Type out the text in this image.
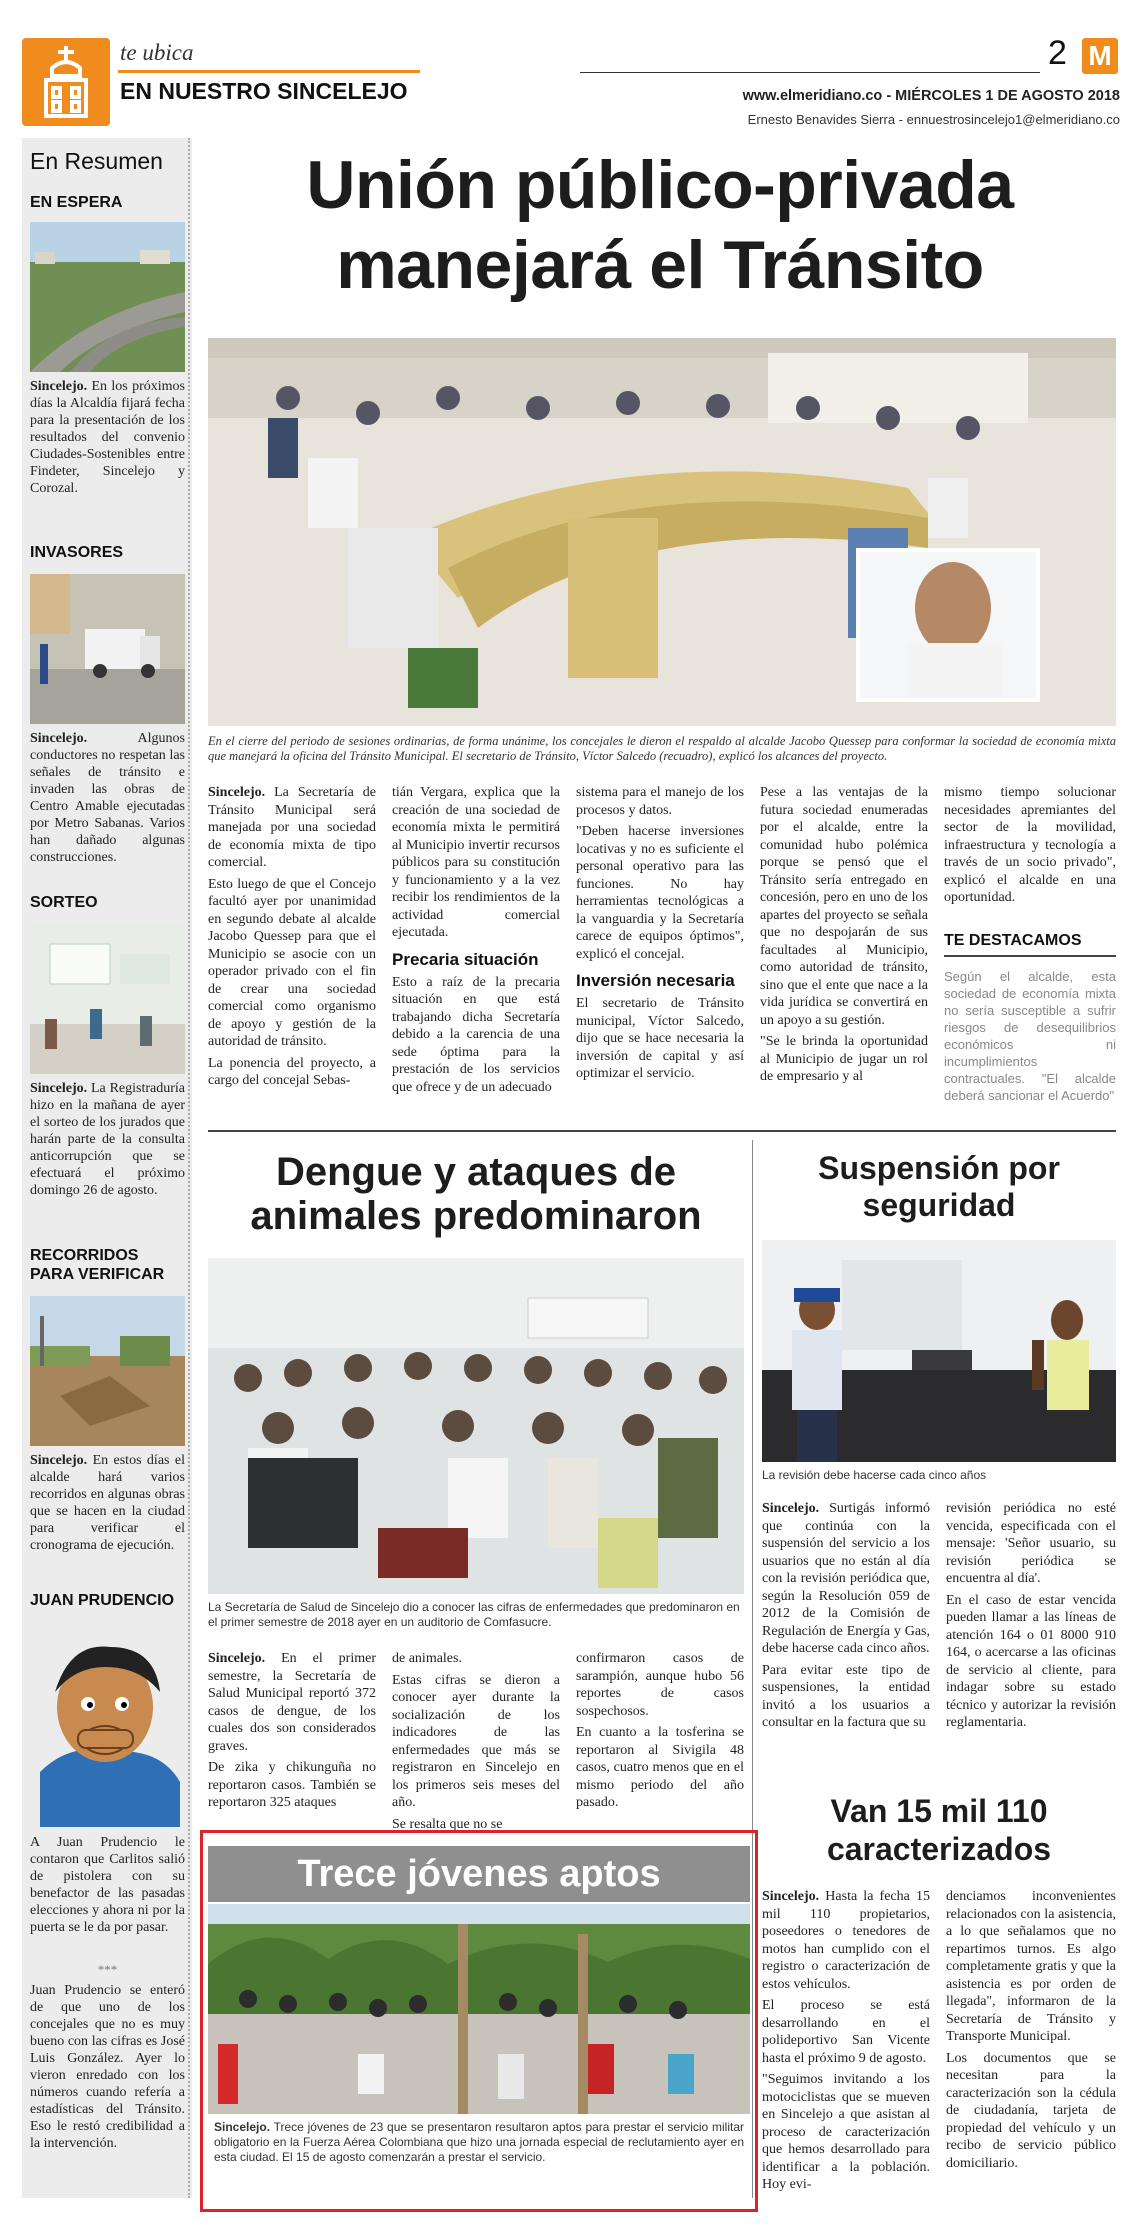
te ubica
EN NUESTRO SINCELEJO
2 M
www.elmeridiano.co - MIÉRCOLES 1 DE AGOSTO 2018
Ernesto Benavides Sierra - ennuestrosincelejo1@elmeridiano.co
En Resumen
EN ESPERA

Sincelejo. En los próximos días la Alcaldía fijará fecha para la presentación de los resultados del convenio Ciudades-Sostenibles entre Findeter, Sincelejo y Corozal.

INVASORES

Sincelejo. Algunos conductores no respetan las señales de tránsito e invaden las obras de Centro Amable ejecutadas por Metro Sabanas. Varios han dañado algunas construcciones.

SORTEO

Sincelejo. La Registraduría hizo en la mañana de ayer el sorteo de los jurados que harán parte de la consulta anticorrupción que se efectuará el próximo domingo 26 de agosto.

RECORRIDOS PARA VERIFICAR

Sincelejo. En estos días el alcalde hará varios recorridos en algunas obras que se hacen en la ciudad para verificar el cronograma de ejecución.

JUAN PRUDENCIO

A Juan Prudencio le contaron que Carlitos salió de pistolera con su benefactor de las pasadas elecciones y ahora ni por la puerta se le da por pasar.

***

Juan Prudencio se enteró de que uno de los concejales que no es muy bueno con las cifras es José Luis González. Ayer lo vieron enredado con los números cuando refería a estadísticas del Tránsito. Eso le restó credibilidad a la intervención.

Unión público-privada
manejará el Tránsito
En el cierre del periodo de sesiones ordinarias, de forma unánime, los concejales le dieron el respaldo al alcalde Jacobo Quessep para conformar la sociedad de economía mixta que manejará la oficina del Tránsito Municipal. El secretario de Tránsito, Víctor Salcedo (recuadro), explicó los alcances del proyecto.

Sincelejo. La Secretaría de Tránsito Municipal será manejada por una sociedad de economía mixta de tipo comercial.

Esto luego de que el Concejo facultó ayer por unanimidad en segundo debate al alcalde Jacobo Quessep para que el Municipio se asocie con un operador privado con el fin de crear una sociedad comercial como organismo de apoyo y gestión de la autoridad de tránsito.

La ponencia del proyecto, a cargo del concejal Sebas-

tián Vergara, explica que la creación de una sociedad de economía mixta le permitirá al Municipio invertir recursos públicos para su constitución y funcionamiento y a la vez recibir los rendimientos de la actividad comercial ejecutada.

Precaria situación

Esto a raíz de la precaria situación en que está trabajando dicha Secretaría debido a la carencia de una sede óptima para la prestación de los servicios que ofrece y de un adecuado

sistema para el manejo de los procesos y datos.

"Deben hacerse inversiones locativas y no es suficiente el personal operativo para las funciones. No hay herramientas tecnológicas a la vanguardia y la Secretaría carece de equipos óptimos", explicó el concejal.

Inversión necesaria

El secretario de Tránsito municipal, Víctor Salcedo, dijo que se hace necesaria la inversión de capital y así optimizar el servicio.

Pese a las ventajas de la futura sociedad enumeradas por el alcalde, entre la comunidad hubo polémica porque se pensó que el Tránsito sería entregado en concesión, pero en uno de los apartes del proyecto se señala que no despojarán de sus facultades al Municipio, como autoridad de tránsito, sino que el ente que nace a la vida jurídica se convertirá en un apoyo a su gestión.

"Se le brinda la oportunidad al Municipio de jugar un rol de empresario y al

mismo tiempo solucionar necesidades apremiantes del sector de la movilidad, infraestructura y tecnología a través de un socio privado", explicó el alcalde en una oportunidad.

TE DESTACAMOS
Según el alcalde, esta sociedad de economía mixta no sería susceptible a sufrir riesgos de desequilibrios económicos ni incumplimientos contractuales. "El alcalde deberá sancionar el Acuerdo"
Dengue y ataques de
animales predominaron
La Secretaría de Salud de Sincelejo dio a conocer las cifras de enfermedades que predominaron en el primer semestre de 2018 ayer en un auditorio de Comfasucre.

Sincelejo. En el primer semestre, la Secretaría de Salud Municipal reportó 372 casos de dengue, de los cuales dos son considerados graves.

De zika y chikunguña no reportaron casos. También se reportaron 325 ataques

de animales.

Estas cifras se dieron a conocer ayer durante la socialización de los indicadores de las enfermedades que más se registraron en Sincelejo en los primeros seis meses del año.

Se resalta que no se

confirmaron casos de sarampión, aunque hubo 56 reportes de casos sospechosos.

En cuanto a la tosferina se reportaron al Sivigila 48 casos, cuatro menos que en el mismo periodo del año pasado.

Suspensión por
seguridad
La revisión debe hacerse cada cinco años

Sincelejo. Surtigás informó que continúa con la suspensión del servicio a los usuarios que no están al día con la revisión periódica que, según la Resolución 059 de 2012 de la Comisión de Regulación de Energía y Gas, debe hacerse cada cinco años.

Para evitar este tipo de suspensiones, la entidad invitó a los usuarios a consultar en la factura que su

revisión periódica no esté vencida, especificada con el mensaje: 'Señor usuario, su revisión periódica se encuentra al día'.

En el caso de estar vencida pueden llamar a las líneas de atención 164 o 01 8000 910 164, o acercarse a las oficinas de servicio al cliente, para indagar sobre su estado técnico y autorizar la revisión reglamentaria.

Van 15 mil 110
caracterizados

Sincelejo. Hasta la fecha 15 mil 110 propietarios, poseedores o tenedores de motos han cumplido con el registro o caracterización de estos vehículos.

El proceso se está desarrollando en el polideportivo San Vicente hasta el próximo 9 de agosto.

"Seguimos invitando a los motociclistas que se mueven en Sincelejo a que asistan al proceso de caracterización que hemos desarrollado para identificar a la población. Hoy evi-

denciamos inconvenientes relacionados con la asistencia, a lo que señalamos que no repartimos turnos. Es algo completamente gratis y que la asistencia es por orden de llegada", informaron de la Secretaría de Tránsito y Transporte Municipal.

Los documentos que se necesitan para la caracterización son la cédula de ciudadanía, tarjeta de propiedad del vehículo y un recibo de servicio público domiciliario.

Trece jóvenes aptos
Sincelejo. Trece jóvenes de 23 que se presentaron resultaron aptos para prestar el servicio militar obligatorio en la Fuerza Aérea Colombiana que hizo una jornada especial de reclutamiento ayer en esta ciudad. El 15 de agosto comenzarán a prestar el servicio.
